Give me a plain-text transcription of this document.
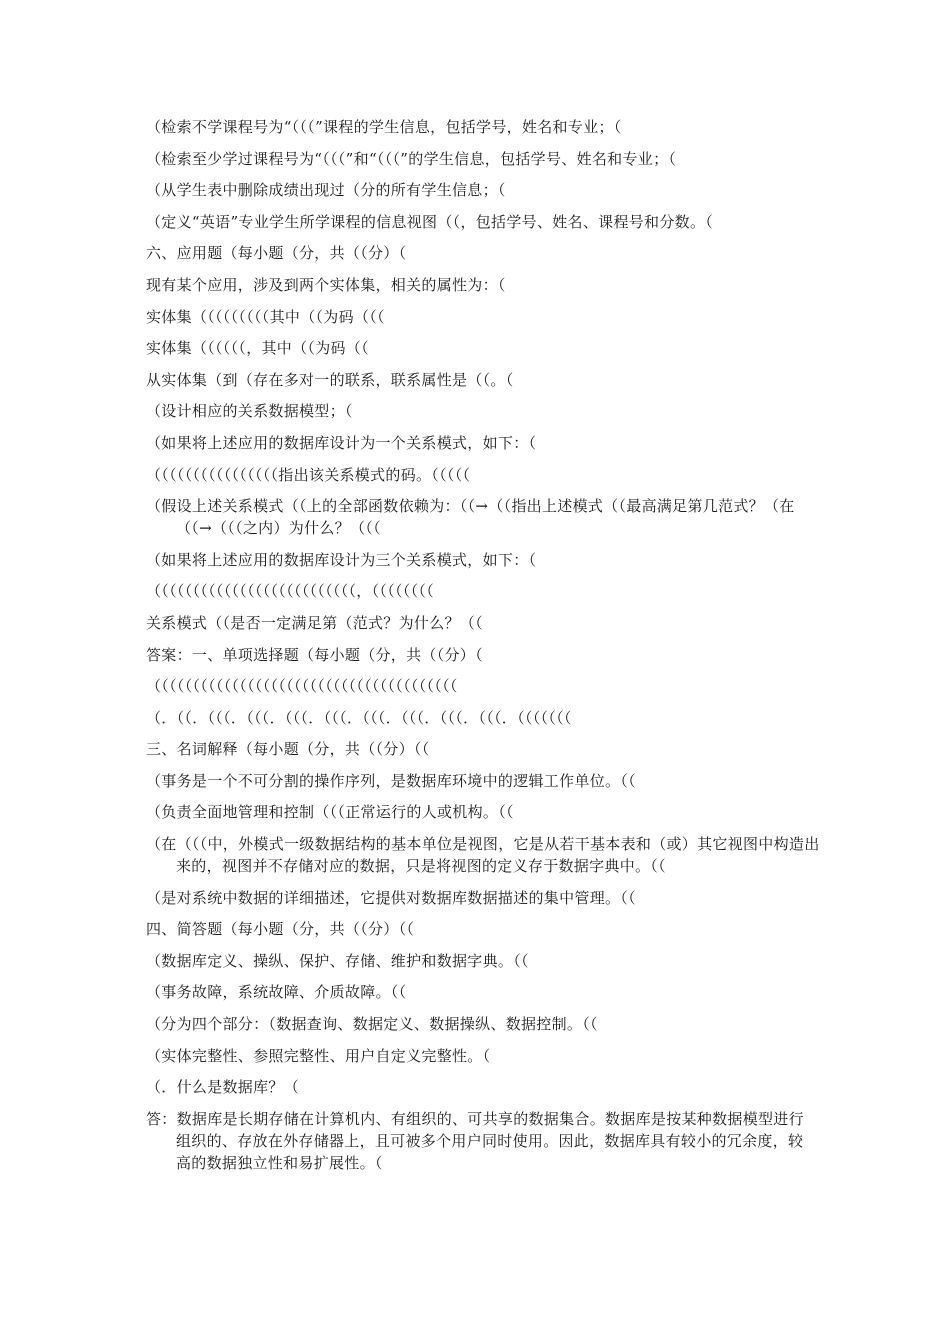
（检索不学课程号为“（（（”课程的学生信息，包括学号，姓名和专业；（
（检索至少学过课程号为“（（（”和“（（（”的学生信息，包括学号、姓名和专业；（
（从学生表中删除成绩出现过（分的所有学生信息；（
（定义“英语”专业学生所学课程的信息视图（（，包括学号、姓名、课程号和分数。（
六、应用题（每小题（分，共（（分）（
现有某个应用，涉及到两个实体集，相关的属性为：（
实体集（（（（（（（（（其中（（为码（（（
实体集（（（（（（，其中（（为码（（
从实体集（到（存在多对一的联系，联系属性是（（。（
（设计相应的关系数据模型；（
（如果将上述应用的数据库设计为一个关系模式，如下：（
（（（（（（（（（（（（（（（（指出该关系模式的码。（（（（（
（假设上述关系模式（（上的全部函数依赖为：（（→（（指出上述模式（（最高满足第几范式？（在
（（→（（（之内）为什么？（（（
（如果将上述应用的数据库设计为三个关系模式，如下：（
（（（（（（（（（（（（（（（（（（（（（（（（（（，（（（（（（（（
关系模式（（是否一定满足第（范式？为什么？（（
答案：一、单项选择题（每小题（分，共（（分）（
（（（（（（（（（（（（（（（（（（（（（（（（（（（（（（（（（（（（（（（
（．（（．（（（．（（（．（（（．（（（．（（（．（（（．（（（．（（（．（（（（（（（
三、名词解释（每小题（分，共（（分）（（
（事务是一个不可分割的操作序列，是数据库环境中的逻辑工作单位。（（
（负责全面地管理和控制（（（正常运行的人或机构。（（
（在（（（中，外模式一级数据结构的基本单位是视图，它是从若干基本表和（或）其它视图中构造出
来的，视图并不存储对应的数据，只是将视图的定义存于数据字典中。（（
（是对系统中数据的详细描述，它提供对数据库数据描述的集中管理。（（
四、简答题（每小题（分，共（（分）（（
（数据库定义、操纵、保护、存储、维护和数据字典。（（
（事务故障，系统故障、介质故障。（（
（分为四个部分：（数据查询、数据定义、数据操纵、数据控制。（（
（实体完整性、参照完整性、用户自定义完整性。（
（．什么是数据库？（
答：数据库是长期存储在计算机内、有组织的、可共享的数据集合。数据库是按某种数据模型进行
组织的、存放在外存储器上，且可被多个用户同时使用。因此，数据库具有较小的冗余度，较
高的数据独立性和易扩展性。（
